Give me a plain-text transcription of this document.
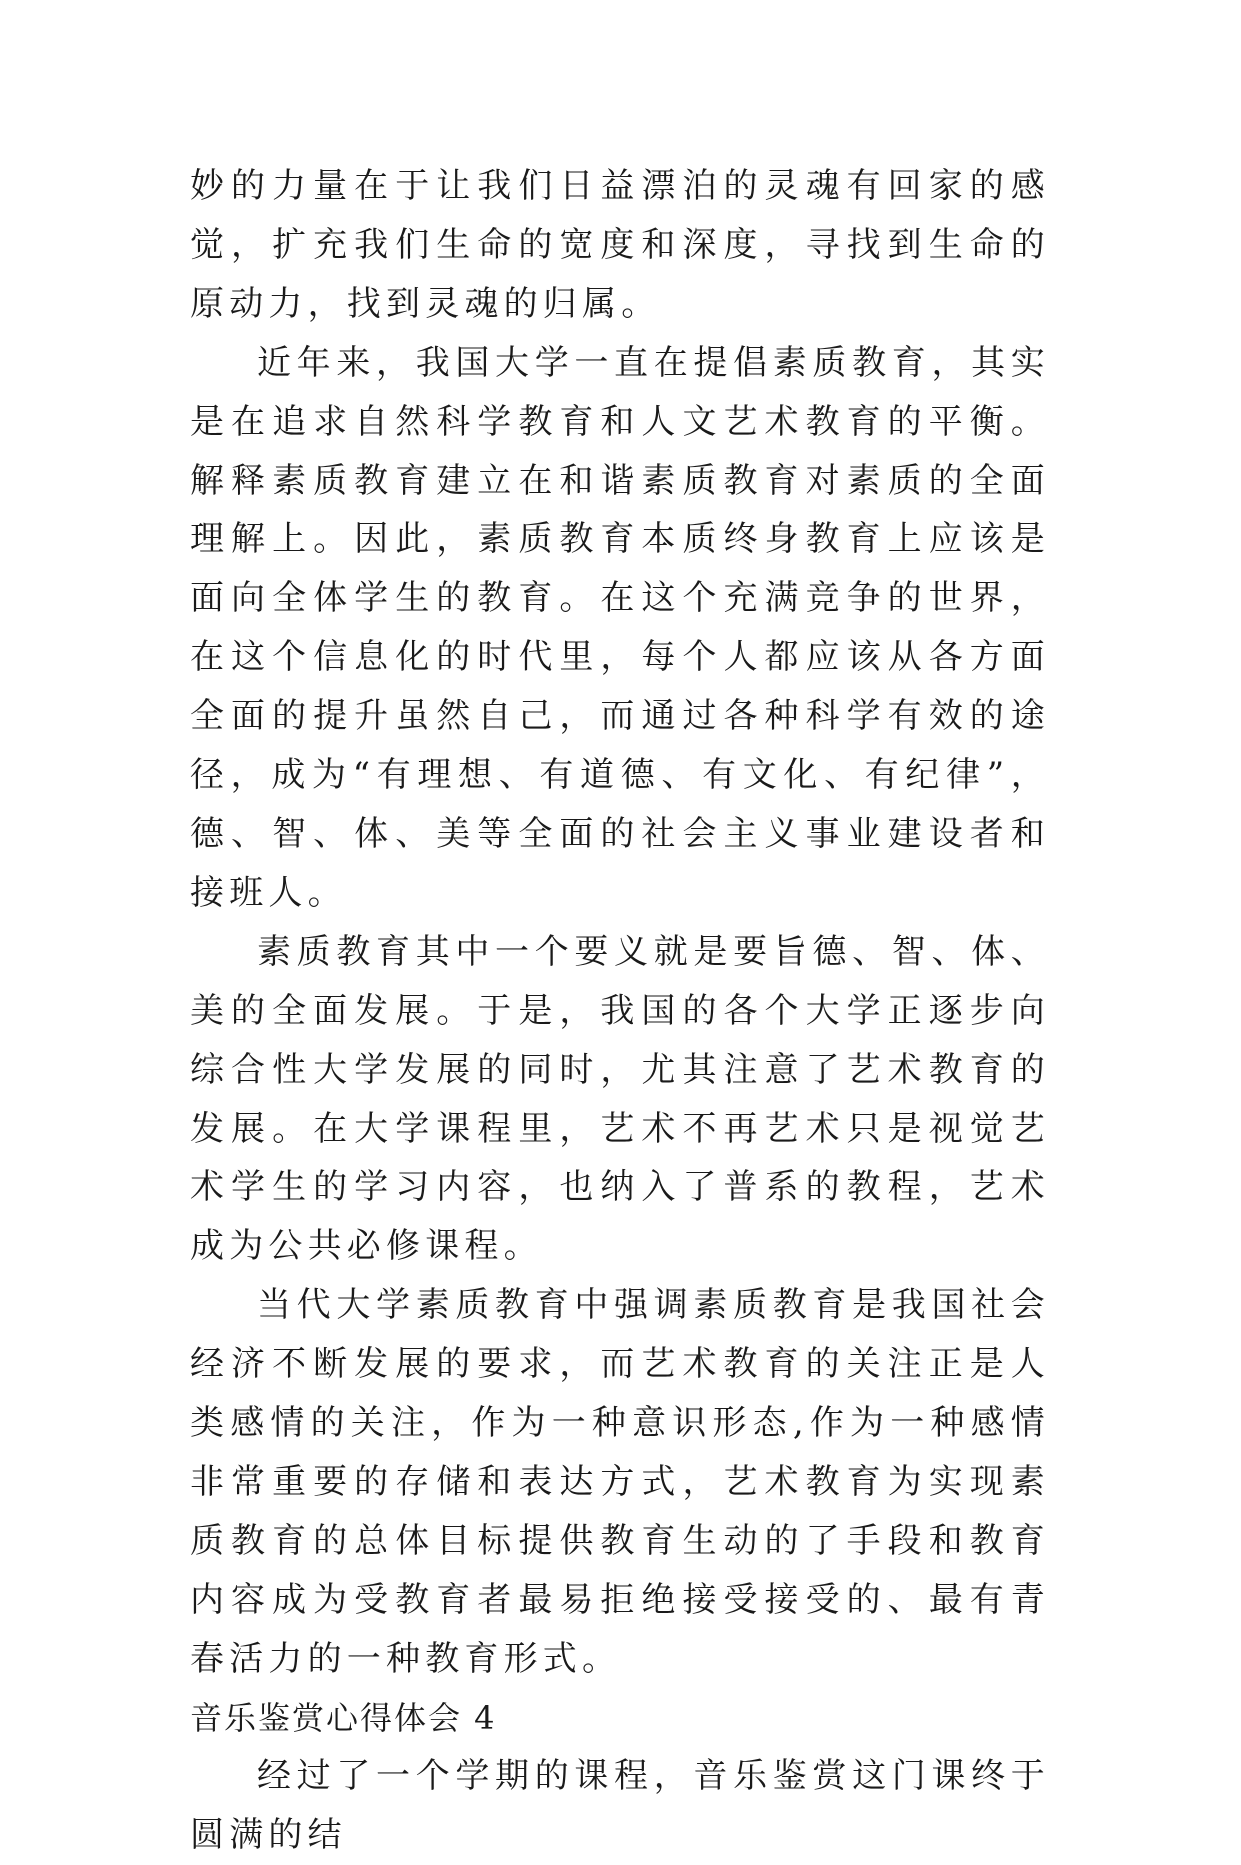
妙的力量在于让我们日益漂泊的灵魂有回家的感觉，扩充我们生命的宽度和深度，寻找到生命的原动力，找到灵魂的归属。

近年来，我国大学一直在提倡素质教育，其实是在追求自然科学教育和人文艺术教育的平衡。解释素质教育建立在和谐素质教育对素质的全面理解上。因此，素质教育本质终身教育上应该是面向全体学生的教育。在这个充满竞争的世界，在这个信息化的时代里，每个人都应该从各方面全面的提升虽然自己，而通过各种科学有效的途径，成为“有理想、有道德、有文化、有纪律”，德、智、体、美等全面的社会主义事业建设者和接班人。

素质教育其中一个要义就是要旨德、智、体、美的全面发展。于是，我国的各个大学正逐步向综合性大学发展的同时，尤其注意了艺术教育的发展。在大学课程里，艺术不再艺术只是视觉艺术学生的学习内容，也纳入了普系的教程，艺术成为公共必修课程。

当代大学素质教育中强调素质教育是我国社会经济不断发展的要求，而艺术教育的关注正是人类感情的关注，作为一种意识形态,作为一种感情非常重要的存储和表达方式，艺术教育为实现素质教育的总体目标提供教育生动的了手段和教育内容成为受教育者最易拒绝接受接受的、最有青春活力的一种教育形式。

音乐鉴赏心得体会 4

经过了一个学期的课程，音乐鉴赏这门课终于圆满的结
